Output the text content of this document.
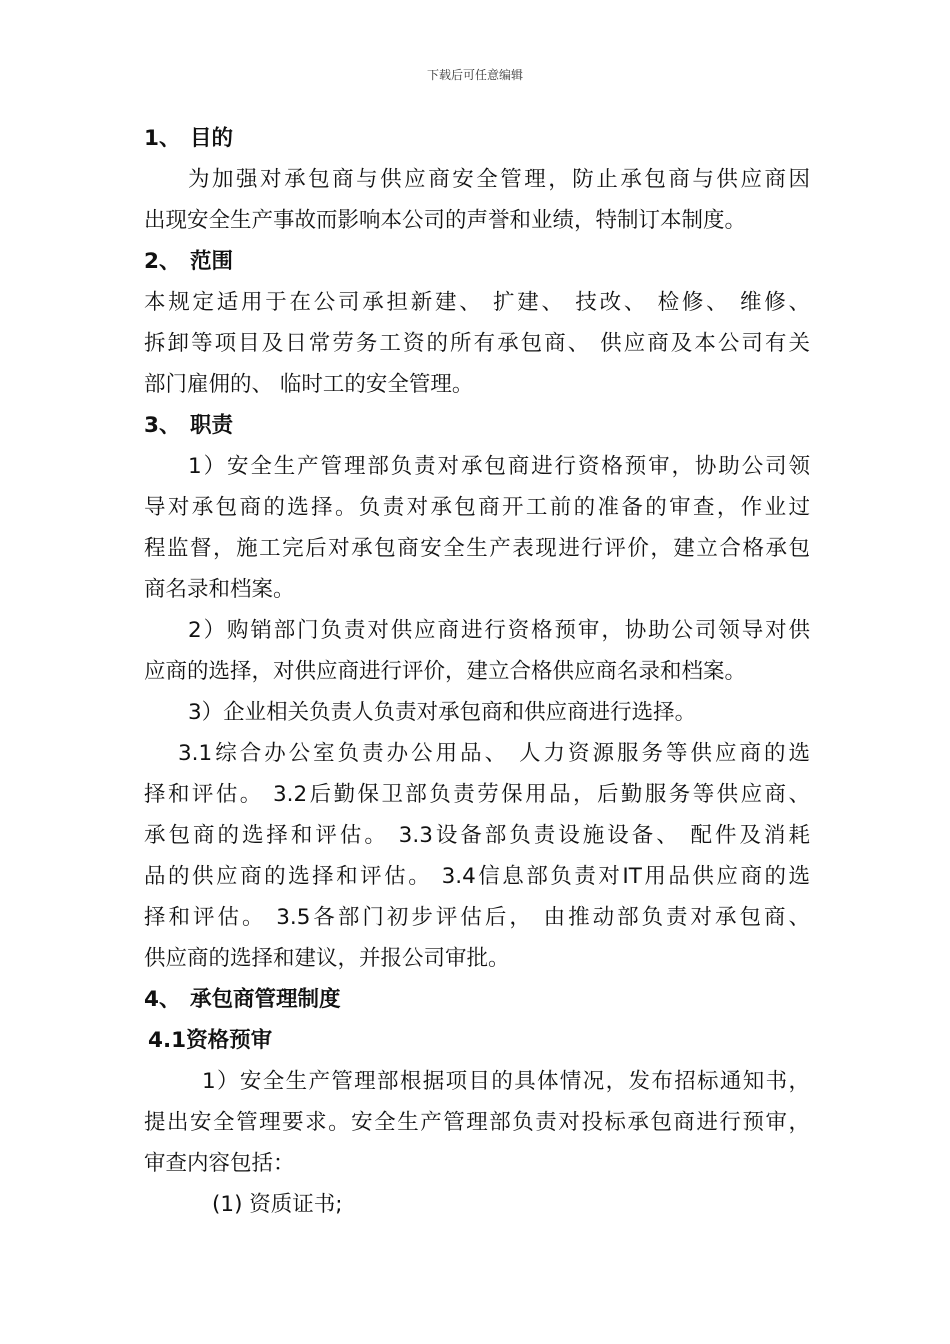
下载后可任意编辑
1、 目的
为加强对承包商与供应商安全管理，防止承包商与供应商因
出现安全生产事故而影响本公司的声誉和业绩，特制订本制度。
2、 范围
本规定适用于在公司承担新建、 扩建、 技改、 检修、 维修、
拆卸等项目及日常劳务工资的所有承包商、 供应商及本公司有关
部门雇佣的、 临时工的安全管理。
3、 职责
1）安全生产管理部负责对承包商进行资格预审，协助公司领
导对承包商的选择。负责对承包商开工前的准备的审查，作业过
程监督，施工完后对承包商安全生产表现进行评价，建立合格承包
商名录和档案。
2）购销部门负责对供应商进行资格预审，协助公司领导对供
应商的选择，对供应商进行评价，建立合格供应商名录和档案。
3）企业相关负责人负责对承包商和供应商进行选择。
3.1综合办公室负责办公用品、 人力资源服务等供应商的选
择和评估。 3.2后勤保卫部负责劳保用品，后勤服务等供应商、
承包商的选择和评估。 3.3设备部负责设施设备、 配件及消耗
品的供应商的选择和评估。 3.4信息部负责对IT用品供应商的选
择和评估。 3.5各部门初步评估后， 由推动部负责对承包商、
供应商的选择和建议，并报公司审批。
4、 承包商管理制度
4.1资格预审
1）安全生产管理部根据项目的具体情况，发布招标通知书，
提出安全管理要求。安全生产管理部负责对投标承包商进行预审，
审查内容包括：
(1) 资质证书;
